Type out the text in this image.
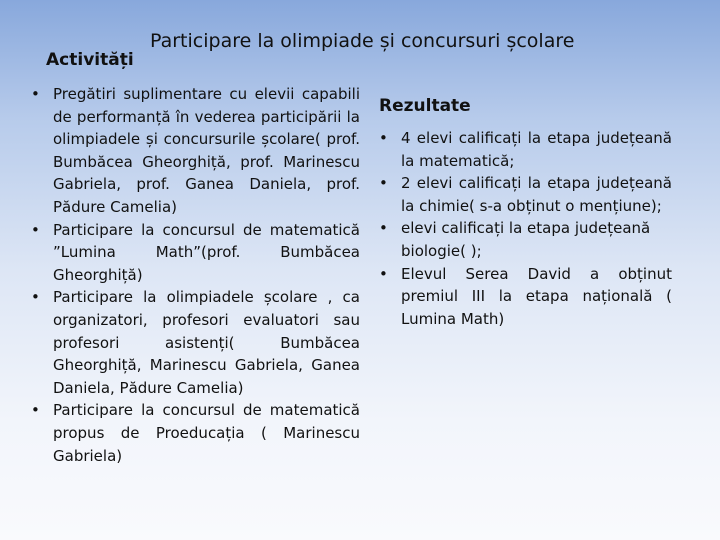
Participare la olimpiade și concursuri școlare
Activități
• Pregătiri suplimentare cu elevii capabili de performanță în vederea participării la olimpiadele și concursurile școlare( prof. Bumbăcea Gheorghiță, prof. Marinescu Gabriela, prof. Ganea Daniela, prof. Pădure Camelia)
• Participare la concursul de matematică ”Lumina Math”(prof. Bumbăcea Gheorghiță)
• Participare la olimpiadele școlare , ca organizatori, profesori evaluatori sau profesori asistenți( Bumbăcea Gheorghiță, Marinescu Gabriela, Ganea Daniela, Pădure Camelia)
• Participare la concursul de matematică propus de Proeducația ( Marinescu Gabriela)
Rezultate
• 4 elevi calificați la etapa județeană la matematică;
• 2 elevi calificați la etapa județeană la chimie( s-a obținut o mențiune);
• elevi calificați la etapa județeană biologie( );
• Elevul Serea David a obținut premiul III la etapa națională ( Lumina Math)
